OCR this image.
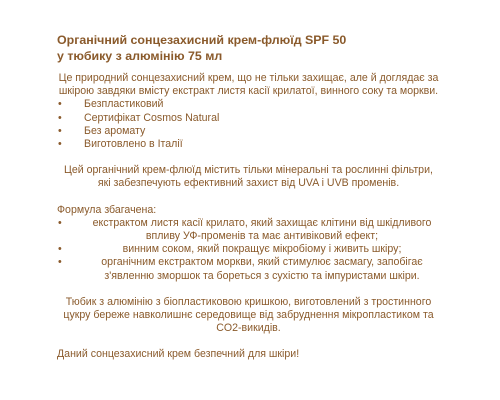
Органічний сонцезахисний крем-флюїд SPF 50
у тюбику з алюмінію 75 мл

Це природний сонцезахисний крем, що не тільки захищає, але й доглядає за шкірою завдяки вмісту екстракт листя касії крилатої, винного соку та моркви.

• Безпластиковий
• Сертифікат Cosmos Natural
• Без аромату
• Виготовлено в Італії

Цей органічний крем-флюїд містить тільки мінеральні та рослинні фільтри, які забезпечують ефективний захист від UVA і UVB променів.

Формула збагачена:

•	екстрактом листя касії крилато, який захищає клітини від шкідливого впливу УФ-променів та має антивіковий ефект;
•	винним соком, який покращує мікробіому і живить шкіру;
•	органічним екстрактом моркви, який стимулює засмагу, запобігає з'явленню зморшок та бореться з сухістю та імпуристами шкіри.

Тюбик з алюмінію з біопластиковою кришкою, виготовлений з тростинного цукру береже навколишнє середовище від забруднення мікропластиком та CO2-викидів.

Даний сонцезахисний крем безпечний для шкіри!
